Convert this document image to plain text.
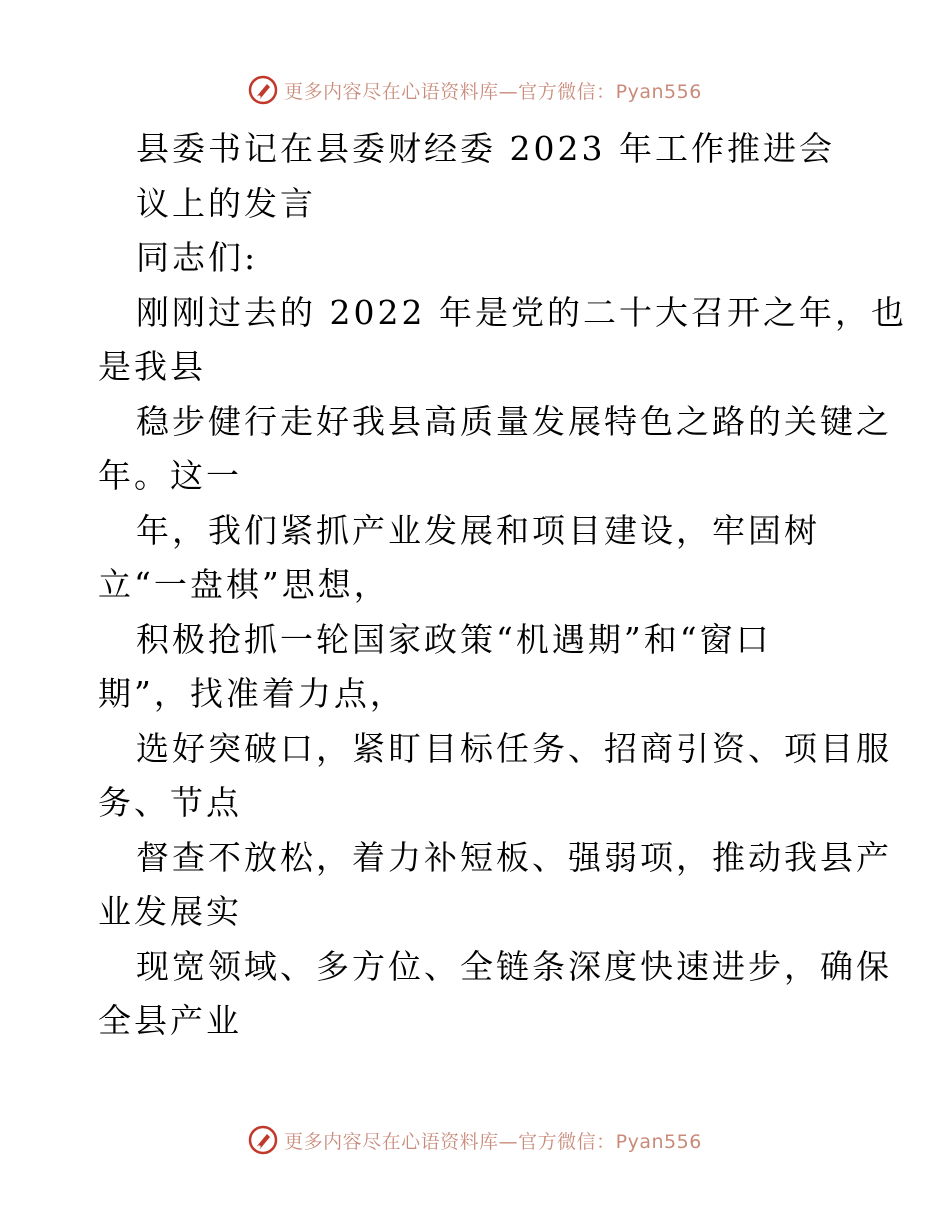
更多内容尽在心语资料库—官方微信：Pyan556
县委书记在县委财经委 2023 年工作推进会
议上的发言
同志们:
刚刚过去的 2022 年是党的二十大召开之年，也
是我县
稳步健行走好我县高质量发展特色之路的关键之
年。这一
年，我们紧抓产业发展和项目建设，牢固树
立“一盘棋”思想，
积极抢抓一轮国家政策“机遇期”和“窗口
期”，找准着力点，
选好突破口，紧盯目标任务、招商引资、项目服
务、节点
督查不放松，着力补短板、强弱项，推动我县产
业发展实
现宽领域、多方位、全链条深度快速进步，确保
全县产业
更多内容尽在心语资料库—官方微信：Pyan556
